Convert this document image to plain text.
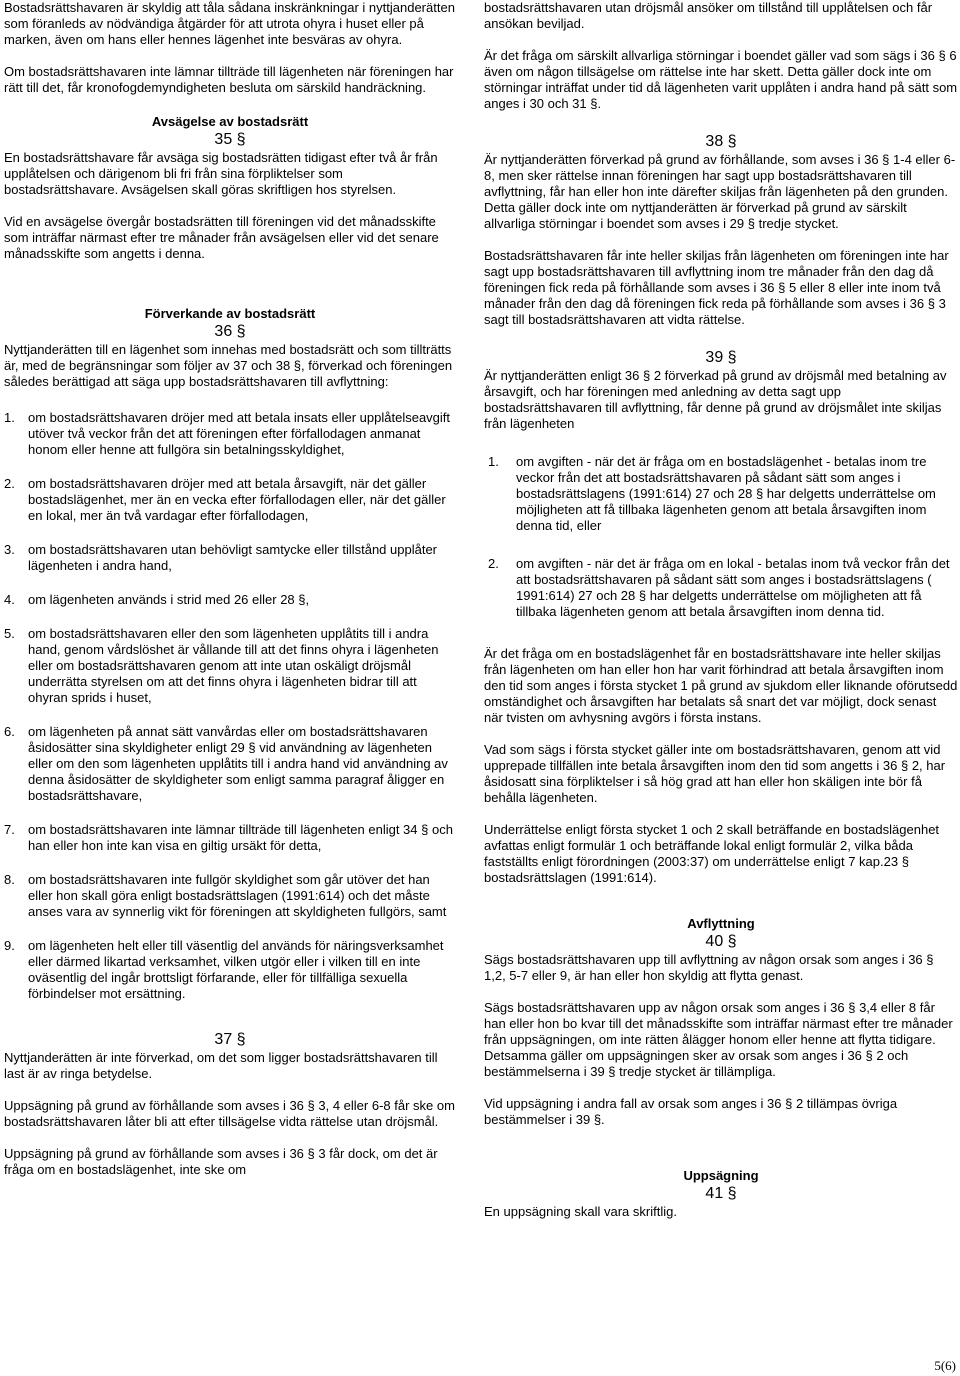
Bostadsrättshavaren är skyldig att tåla sådana inskränkningar i nyttjanderätten som föranleds av nödvändiga åtgärder för att utrota ohyra i huset eller på marken, även om hans eller hennes lägenhet inte besväras av ohyra.

Om bostadsrättshavaren inte lämnar tillträde till lägenheten när föreningen har rätt till det, får kronofogdemyndigheten besluta om särskild handräckning.

Avsägelse av bostadsrätt
35 §

En bostadsrättshavare får avsäga sig bostadsrätten tidigast efter två år från upplåtelsen och därigenom bli fri från sina förpliktelser som bostadsrättshavare. Avsägelsen skall göras skriftligen hos styrelsen.

Vid en avsägelse övergår bostadsrätten till föreningen vid det månadsskifte som inträffar närmast efter tre månader från avsägelsen eller vid det senare månadsskifte som angetts i denna.

Förverkande av bostadsrätt
36 §

Nyttjanderätten till en lägenhet som innehas med bostadsrätt och som tillträtts är, med de begränsningar som följer av 37 och 38 §, förverkad och föreningen således berättigad att säga upp bostadsrättshavaren till avflyttning:

1.	om bostadsrättshavaren dröjer med att betala insats eller upplåtelseavgift utöver två veckor från det att föreningen efter förfallodagen anmanat honom eller henne att fullgöra sin betalningsskyldighet,
2.	om bostadsrättshavaren dröjer med att betala årsavgift, när det gäller bostadslägenhet, mer än en vecka efter förfallodagen eller, när det gäller en lokal, mer än två vardagar efter förfallodagen,
3.	om bostadsrättshavaren utan behövligt samtycke eller tillstånd upplåter lägenheten i andra hand,
4.	om lägenheten används i strid med 26 eller 28 §,
5.	om bostadsrättshavaren eller den som lägenheten upplåtits till i andra hand, genom vårdslöshet är vållande till att det finns ohyra i lägenheten eller om bostadsrättshavaren genom att inte utan oskäligt dröjsmål underrätta styrelsen om att det finns ohyra i lägenheten bidrar till att ohyran sprids i huset,
6.	om lägenheten på annat sätt vanvårdas eller om bostadsrättshavaren åsidosätter sina skyldigheter enligt 29 § vid användning av lägenheten eller om den som lägenheten upplåtits till i andra hand vid användning av denna åsidosätter de skyldigheter som enligt samma paragraf åligger en bostadsrättshavare,
7.	om bostadsrättshavaren inte lämnar tillträde till lägenheten enligt 34 § och han eller hon inte kan visa en giltig ursäkt för detta,
8.	om bostadsrättshavaren inte fullgör skyldighet som går utöver det han eller hon skall göra enligt bostadsrättslagen (1991:614) och det måste anses vara av synnerlig vikt för föreningen att skyldigheten fullgörs, samt
9.	om lägenheten helt eller till väsentlig del används för näringsverksamhet eller därmed likartad verksamhet, vilken utgör eller i vilken till en inte oväsentlig del ingår brottsligt förfarande, eller för tillfälliga sexuella förbindelser mot ersättning.
37 §

Nyttjanderätten är inte förverkad, om det som ligger bostadsrättshavaren till last är av ringa betydelse.

Uppsägning på grund av förhållande som avses i 36 § 3, 4 eller 6-8 får ske om bostadsrättshavaren låter bli att efter tillsägelse vidta rättelse utan dröjsmål.

Uppsägning på grund av förhållande som avses i 36 § 3 får dock, om det är fråga om en bostadslägenhet, inte ske om

bostadsrättshavaren utan dröjsmål ansöker om tillstånd till upplåtelsen och får ansökan beviljad.

Är det fråga om särskilt allvarliga störningar i boendet gäller vad som sägs i 36 § 6 även om någon tillsägelse om rättelse inte har skett. Detta gäller dock inte om störningar inträffat under tid då lägenheten varit upplåten i andra hand på sätt som anges i 30 och 31 §.

38 §

Är nyttjanderätten förverkad på grund av förhållande, som avses i 36 § 1-4 eller 6-8, men sker rättelse innan föreningen har sagt upp bostadsrättshavaren till avflyttning, får han eller hon inte därefter skiljas från lägenheten på den grunden. Detta gäller dock inte om nyttjanderätten är förverkad på grund av särskilt allvarliga störningar i boendet som avses i 29 § tredje stycket.

Bostadsrättshavaren får inte heller skiljas från lägenheten om föreningen inte har sagt upp bostadsrättshavaren till avflyttning inom tre månader från den dag då föreningen fick reda på förhållande som avses i 36 § 5 eller 8 eller inte inom två månader från den dag då föreningen fick reda på förhållande som avses i 36 § 3 sagt till bostadsrättshavaren att vidta rättelse.

39 §

Är nyttjanderätten enligt 36 § 2 förverkad på grund av dröjsmål med betalning av årsavgift, och har föreningen med anledning av detta sagt upp bostadsrättshavaren till avflyttning, får denne på grund av dröjsmålet inte skiljas från lägenheten

1.	om avgiften - när det är fråga om en bostadslägenhet - betalas inom tre veckor från det att bostadsrättshavaren på sådant sätt som anges i bostadsrättslagens (1991:614) 27 och 28 § har delgetts underrättelse om möjligheten att få tillbaka lägenheten genom att betala årsavgiften inom denna tid, eller
2.	om avgiften - när det är fråga om en lokal - betalas inom två veckor från det att bostadsrättshavaren på sådant sätt som anges i bostadsrättslagens ( 1991:614) 27 och 28 § har delgetts underrättelse om möjligheten att få tillbaka lägenheten genom att betala årsavgiften inom denna tid.

Är det fråga om en bostadslägenhet får en bostadsrättshavare inte heller skiljas från lägenheten om han eller hon har varit förhindrad att betala årsavgiften inom den tid som anges i första stycket 1 på grund av sjukdom eller liknande oförutsedd omständighet och årsavgiften har betalats så snart det var möjligt, dock senast när tvisten om avhysning avgörs i första instans.

Vad som sägs i första stycket gäller inte om bostadsrättshavaren, genom att vid upprepade tillfällen inte betala årsavgiften inom den tid som angetts i 36 § 2, har åsidosatt sina förpliktelser i så hög grad att han eller hon skäligen inte bör få behålla lägenheten.

Underrättelse enligt första stycket 1 och 2 skall beträffande en bostadslägenhet avfattas enligt formulär 1 och beträffande lokal enligt formulär 2, vilka båda fastställts enligt förordningen (2003:37) om underrättelse enligt 7 kap.23 § bostadsrättslagen (1991:614).

Avflyttning
40 §

Sägs bostadsrättshavaren upp till avflyttning av någon orsak som anges i 36 § 1,2, 5-7 eller 9, är han eller hon skyldig att flytta genast.

Sägs bostadsrättshavaren upp av någon orsak som anges i 36 § 3,4 eller 8 får han eller hon bo kvar till det månadsskifte som inträffar närmast efter tre månader från uppsägningen, om inte rätten ålägger honom eller henne att flytta tidigare. Detsamma gäller om uppsägningen sker av orsak som anges i 36 § 2 och bestämmelserna i 39 § tredje stycket är tillämpliga.

Vid uppsägning i andra fall av orsak som anges i 36 § 2 tillämpas övriga bestämmelser i 39 §.

Uppsägning
41 §

En uppsägning skall vara skriftlig.

5(6)
